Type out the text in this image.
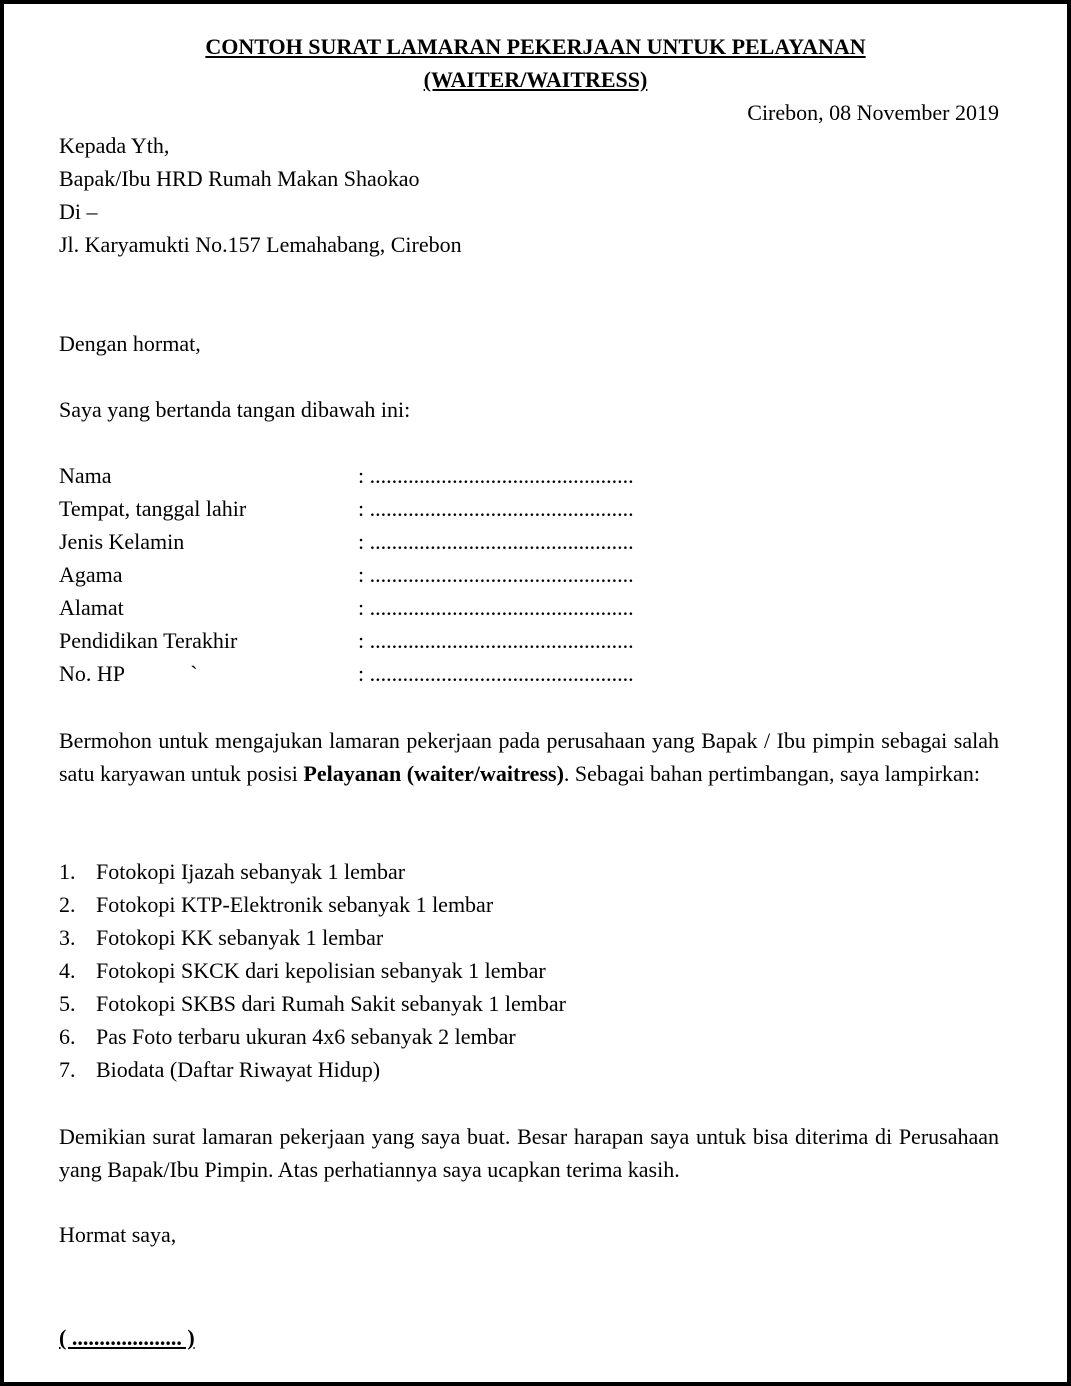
CONTOH SURAT LAMARAN PEKERJAAN UNTUK PELAYANAN
(WAITER/WAITRESS)
Cirebon, 08 November 2019
Kepada Yth,
Bapak/Ibu HRD Rumah Makan Shaokao
Di –
Jl. Karyamukti No.157 Lemahabang, Cirebon
Dengan hormat,
Saya yang bertanda tangan dibawah ini:
Nama	: ................................................
Tempat, tanggal lahir	: ................................................
Jenis Kelamin	: ................................................
Agama	: ................................................
Alamat	: ................................................
Pendidikan Terakhir	: ................................................
No. HP            `	: ................................................

Bermohon untuk mengajukan lamaran pekerjaan pada perusahaan yang Bapak / Ibu pimpin sebagai salah satu karyawan untuk posisi Pelayanan (waiter/waitress). Sebagai bahan pertimbangan, saya lampirkan:

1. Fotokopi Ijazah sebanyak 1 lembar
2. Fotokopi KTP-Elektronik sebanyak 1 lembar
3. Fotokopi KK sebanyak 1 lembar
4. Fotokopi SKCK dari kepolisian sebanyak 1 lembar
5. Fotokopi SKBS dari Rumah Sakit sebanyak 1 lembar
6. Pas Foto terbaru ukuran 4x6 sebanyak 2 lembar
7. Biodata (Daftar Riwayat Hidup)

Demikian surat lamaran pekerjaan yang saya buat. Besar harapan saya untuk bisa diterima di Perusahaan yang Bapak/Ibu Pimpin. Atas perhatiannya saya ucapkan terima kasih.

Hormat saya,
( .................... )
